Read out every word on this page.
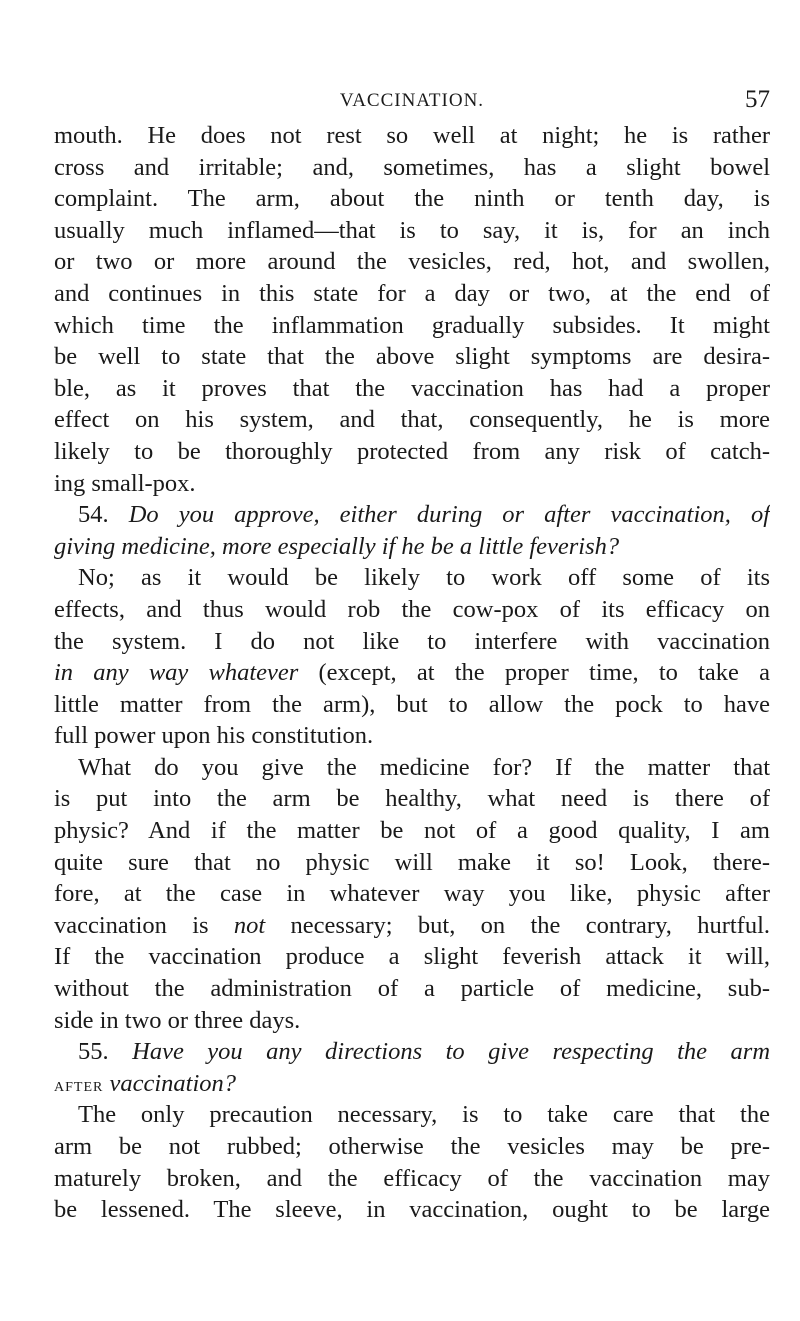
VACCINATION.	57
mouth. He does not rest so well at night; he is rather
cross and irritable; and, sometimes, has a slight bowel
complaint. The arm, about the ninth or tenth day, is
usually much inflamed—that is to say, it is, for an inch
or two or more around the vesicles, red, hot, and swollen,
and continues in this state for a day or two, at the end of
which time the inflammation gradually subsides. It might
be well to state that the above slight symptoms are desira-
ble, as it proves that the vaccination has had a proper
effect on his system, and that, consequently, he is more
likely to be thoroughly protected from any risk of catch-
ing small-pox.
54. Do you approve, either during or after vaccination, of
giving medicine, more especially if he be a little feverish?
No; as it would be likely to work off some of its
effects, and thus would rob the cow-pox of its efficacy on
the system. I do not like to interfere with vaccination
in any way whatever (except, at the proper time, to take a
little matter from the arm), but to allow the pock to have
full power upon his constitution.
What do you give the medicine for? If the matter that
is put into the arm be healthy, what need is there of
physic? And if the matter be not of a good quality, I am
quite sure that no physic will make it so! Look, there-
fore, at the case in whatever way you like, physic after
vaccination is not necessary; but, on the contrary, hurtful.
If the vaccination produce a slight feverish attack it will,
without the administration of a particle of medicine, sub-
side in two or three days.
55. Have you any directions to give respecting the arm
after vaccination?
The only precaution necessary, is to take care that the
arm be not rubbed; otherwise the vesicles may be pre-
maturely broken, and the efficacy of the vaccination may
be lessened. The sleeve, in vaccination, ought to be large
